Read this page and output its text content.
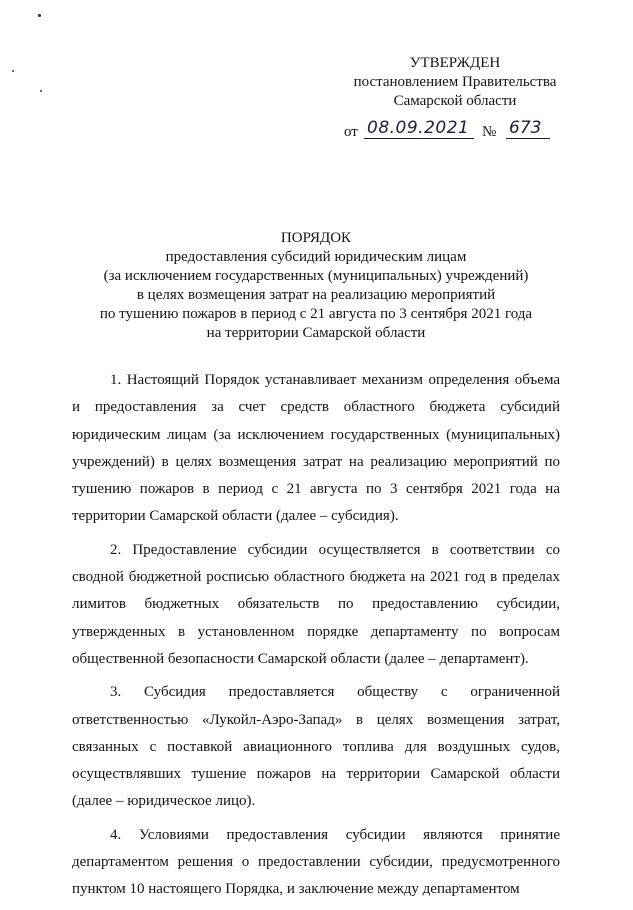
УТВЕРЖДЕН
постановлением Правительства
Самарской области
от 08.09.2021 № 673
ПОРЯДОК
предоставления субсидий юридическим лицам
(за исключением государственных (муниципальных) учреждений)
в целях возмещения затрат на реализацию мероприятий
по тушению пожаров в период с 21 августа по 3 сентября 2021 года
на территории Самарской области

1. Настоящий Порядок устанавливает механизм определения объема
и предоставления за счет средств областного бюджета субсидий
юридическим лицам (за исключением государственных (муниципальных)
учреждений) в целях возмещения затрат на реализацию мероприятий по
тушению пожаров в период с 21 августа по 3 сентября 2021 года на
территории Самарской области (далее – субсидия).

2. Предоставление субсидии осуществляется в соответствии со
сводной бюджетной росписью областного бюджета на 2021 год в пределах
лимитов бюджетных обязательств по предоставлению субсидии,
утвержденных в установленном порядке департаменту по вопросам
общественной безопасности Самарской области (далее – департамент).

3. Субсидия предоставляется обществу с ограниченной
ответственностью «Лукойл-Аэро-Запад» в целях возмещения затрат,
связанных с поставкой авиационного топлива для воздушных судов,
осуществлявших тушение пожаров на территории Самарской области
(далее – юридическое лицо).

4. Условиями предоставления субсидии являются принятие
департаментом решения о предоставлении субсидии, предусмотренного
пунктом 10 настоящего Порядка, и заключение между департаментом
